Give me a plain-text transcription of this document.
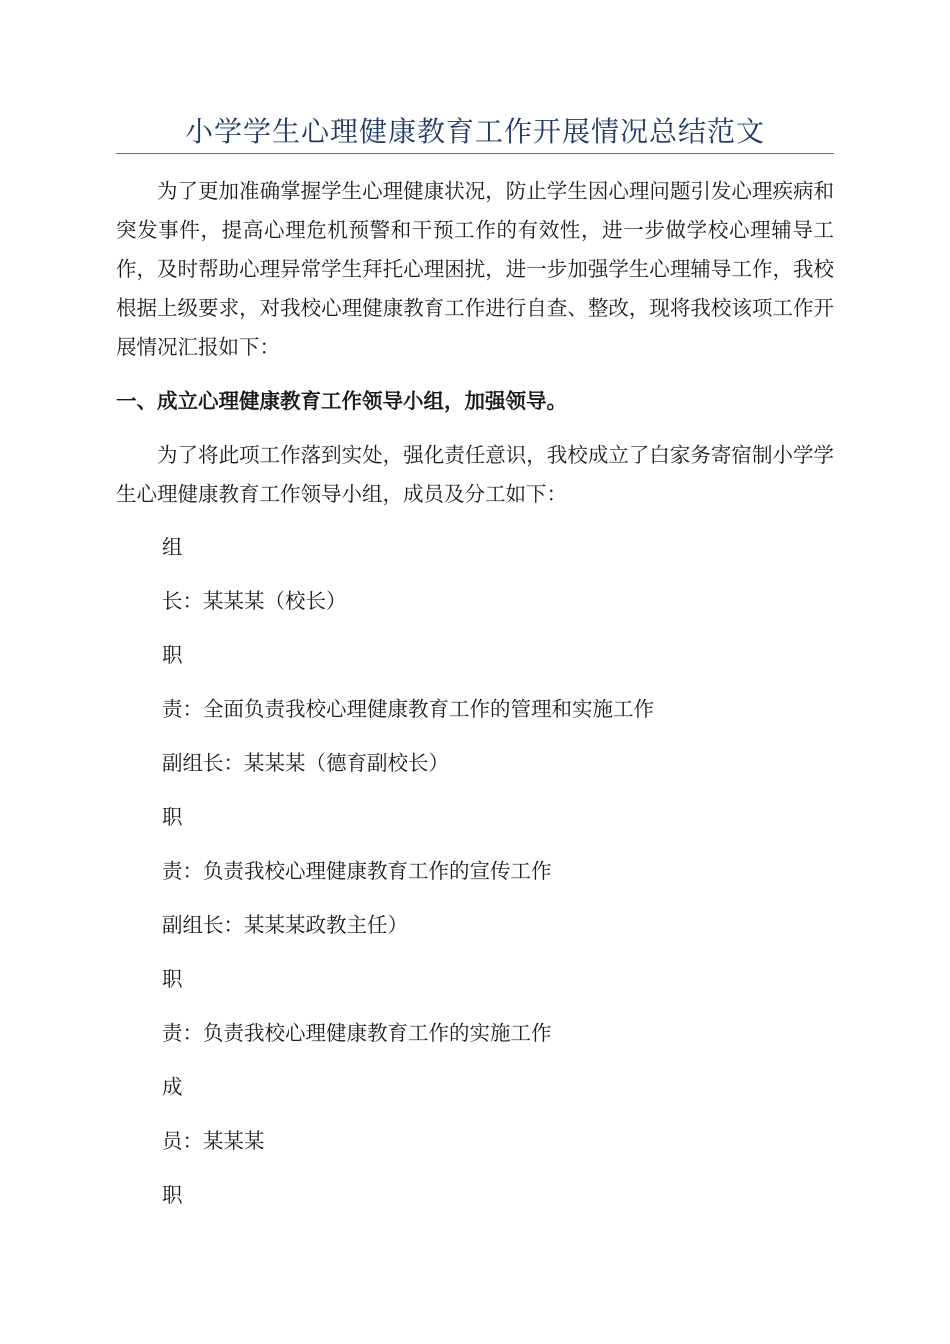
小学学生心理健康教育工作开展情况总结范文

为了更加准确掌握学生心理健康状况，防止学生因心理问题引发心理疾病和突发事件，提高心理危机预警和干预工作的有效性，进一步做学校心理辅导工作，及时帮助心理异常学生拜托心理困扰，进一步加强学生心理辅导工作，我校根据上级要求，对我校心理健康教育工作进行自查、整改，现将我校该项工作开展情况汇报如下：

一、成立心理健康教育工作领导小组，加强领导。

为了将此项工作落到实处，强化责任意识，我校成立了白家务寄宿制小学学生心理健康教育工作领导小组，成员及分工如下：

组

长：某某某（校长）

职

责：全面负责我校心理健康教育工作的管理和实施工作

副组长：某某某（德育副校长）

职

责：负责我校心理健康教育工作的宣传工作

副组长：某某某政教主任）

职

责：负责我校心理健康教育工作的实施工作

成

员：某某某

职
